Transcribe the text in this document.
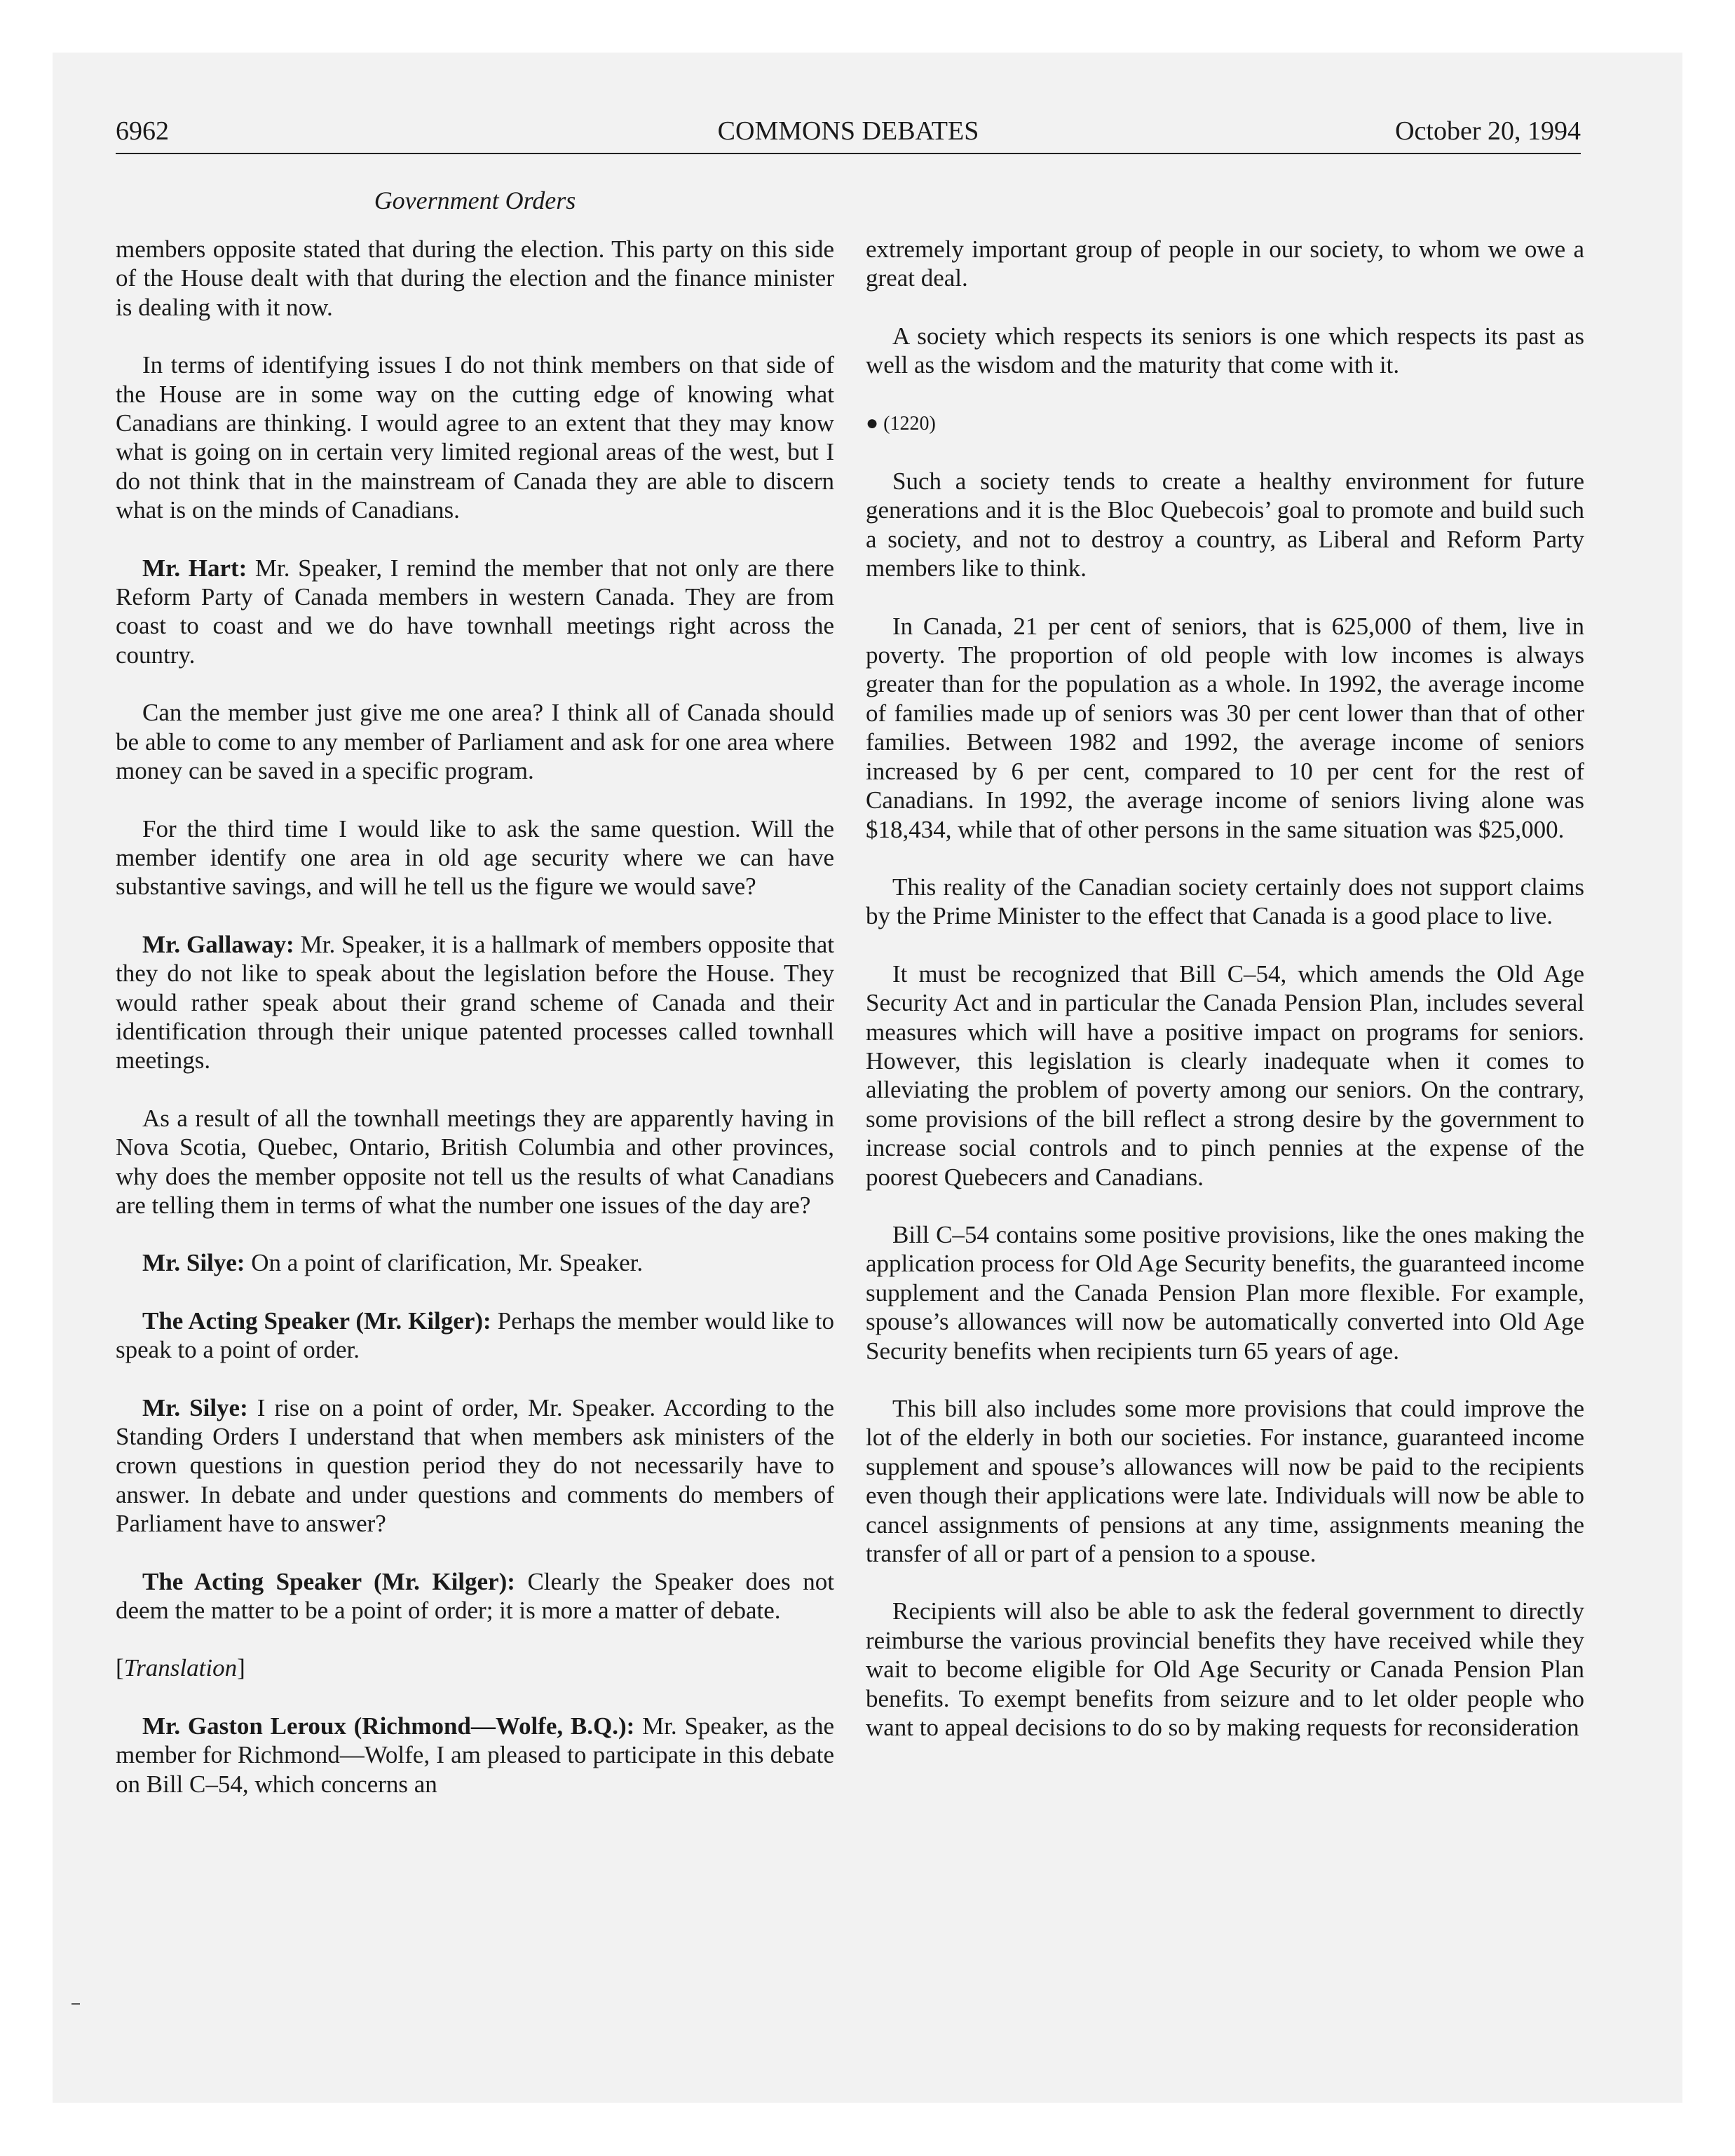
6962	COMMONS DEBATES	October 20, 1994
Government Orders

members opposite stated that during the election. This party on this side of the House dealt with that during the election and the finance minister is dealing with it now.

In terms of identifying issues I do not think members on that side of the House are in some way on the cutting edge of knowing what Canadians are thinking. I would agree to an extent that they may know what is going on in certain very limited regional areas of the west, but I do not think that in the mainstream of Canada they are able to discern what is on the minds of Canadians.

Mr. Hart: Mr. Speaker, I remind the member that not only are there Reform Party of Canada members in western Canada. They are from coast to coast and we do have townhall meetings right across the country.

Can the member just give me one area? I think all of Canada should be able to come to any member of Parliament and ask for one area where money can be saved in a specific program.

For the third time I would like to ask the same question. Will the member identify one area in old age security where we can have substantive savings, and will he tell us the figure we would save?

Mr. Gallaway: Mr. Speaker, it is a hallmark of members opposite that they do not like to speak about the legislation before the House. They would rather speak about their grand scheme of Canada and their identification through their unique patented processes called townhall meetings.

As a result of all the townhall meetings they are apparently having in Nova Scotia, Quebec, Ontario, British Columbia and other provinces, why does the member opposite not tell us the results of what Canadians are telling them in terms of what the number one issues of the day are?

Mr. Silye: On a point of clarification, Mr. Speaker.

The Acting Speaker (Mr. Kilger): Perhaps the member would like to speak to a point of order.

Mr. Silye: I rise on a point of order, Mr. Speaker. According to the Standing Orders I understand that when members ask ministers of the crown questions in question period they do not necessarily have to answer. In debate and under questions and comments do members of Parliament have to answer?

The Acting Speaker (Mr. Kilger): Clearly the Speaker does not deem the matter to be a point of order; it is more a matter of debate.

[Translation]

Mr. Gaston Leroux (Richmond—Wolfe, B.Q.): Mr. Speaker, as the member for Richmond—Wolfe, I am pleased to participate in this debate on Bill C–54, which concerns an

extremely important group of people in our society, to whom we owe a great deal.

A society which respects its seniors is one which respects its past as well as the wisdom and the maturity that come with it.

● (1220)

Such a society tends to create a healthy environment for future generations and it is the Bloc Quebecois’ goal to promote and build such a society, and not to destroy a country, as Liberal and Reform Party members like to think.

In Canada, 21 per cent of seniors, that is 625,000 of them, live in poverty. The proportion of old people with low incomes is always greater than for the population as a whole. In 1992, the average income of families made up of seniors was 30 per cent lower than that of other families. Between 1982 and 1992, the average income of seniors increased by 6 per cent, compared to 10 per cent for the rest of Canadians. In 1992, the average income of seniors living alone was $18,434, while that of other persons in the same situation was $25,000.

This reality of the Canadian society certainly does not support claims by the Prime Minister to the effect that Canada is a good place to live.

It must be recognized that Bill C–54, which amends the Old Age Security Act and in particular the Canada Pension Plan, includes several measures which will have a positive impact on programs for seniors. However, this legislation is clearly inadequate when it comes to alleviating the problem of poverty among our seniors. On the contrary, some provisions of the bill reflect a strong desire by the government to increase social controls and to pinch pennies at the expense of the poorest Quebecers and Canadians.

Bill C–54 contains some positive provisions, like the ones making the application process for Old Age Security benefits, the guaranteed income supplement and the Canada Pension Plan more flexible. For example, spouse’s allowances will now be automatically converted into Old Age Security benefits when recipients turn 65 years of age.

This bill also includes some more provisions that could improve the lot of the elderly in both our societies. For instance, guaranteed income supplement and spouse’s allowances will now be paid to the recipients even though their applications were late. Individuals will now be able to cancel assignments of pensions at any time, assignments meaning the transfer of all or part of a pension to a spouse.

Recipients will also be able to ask the federal government to directly reimburse the various provincial benefits they have received while they wait to become eligible for Old Age Security or Canada Pension Plan benefits. To exempt benefits from seizure and to let older people who want to appeal decisions to do so by making requests for reconsideration
